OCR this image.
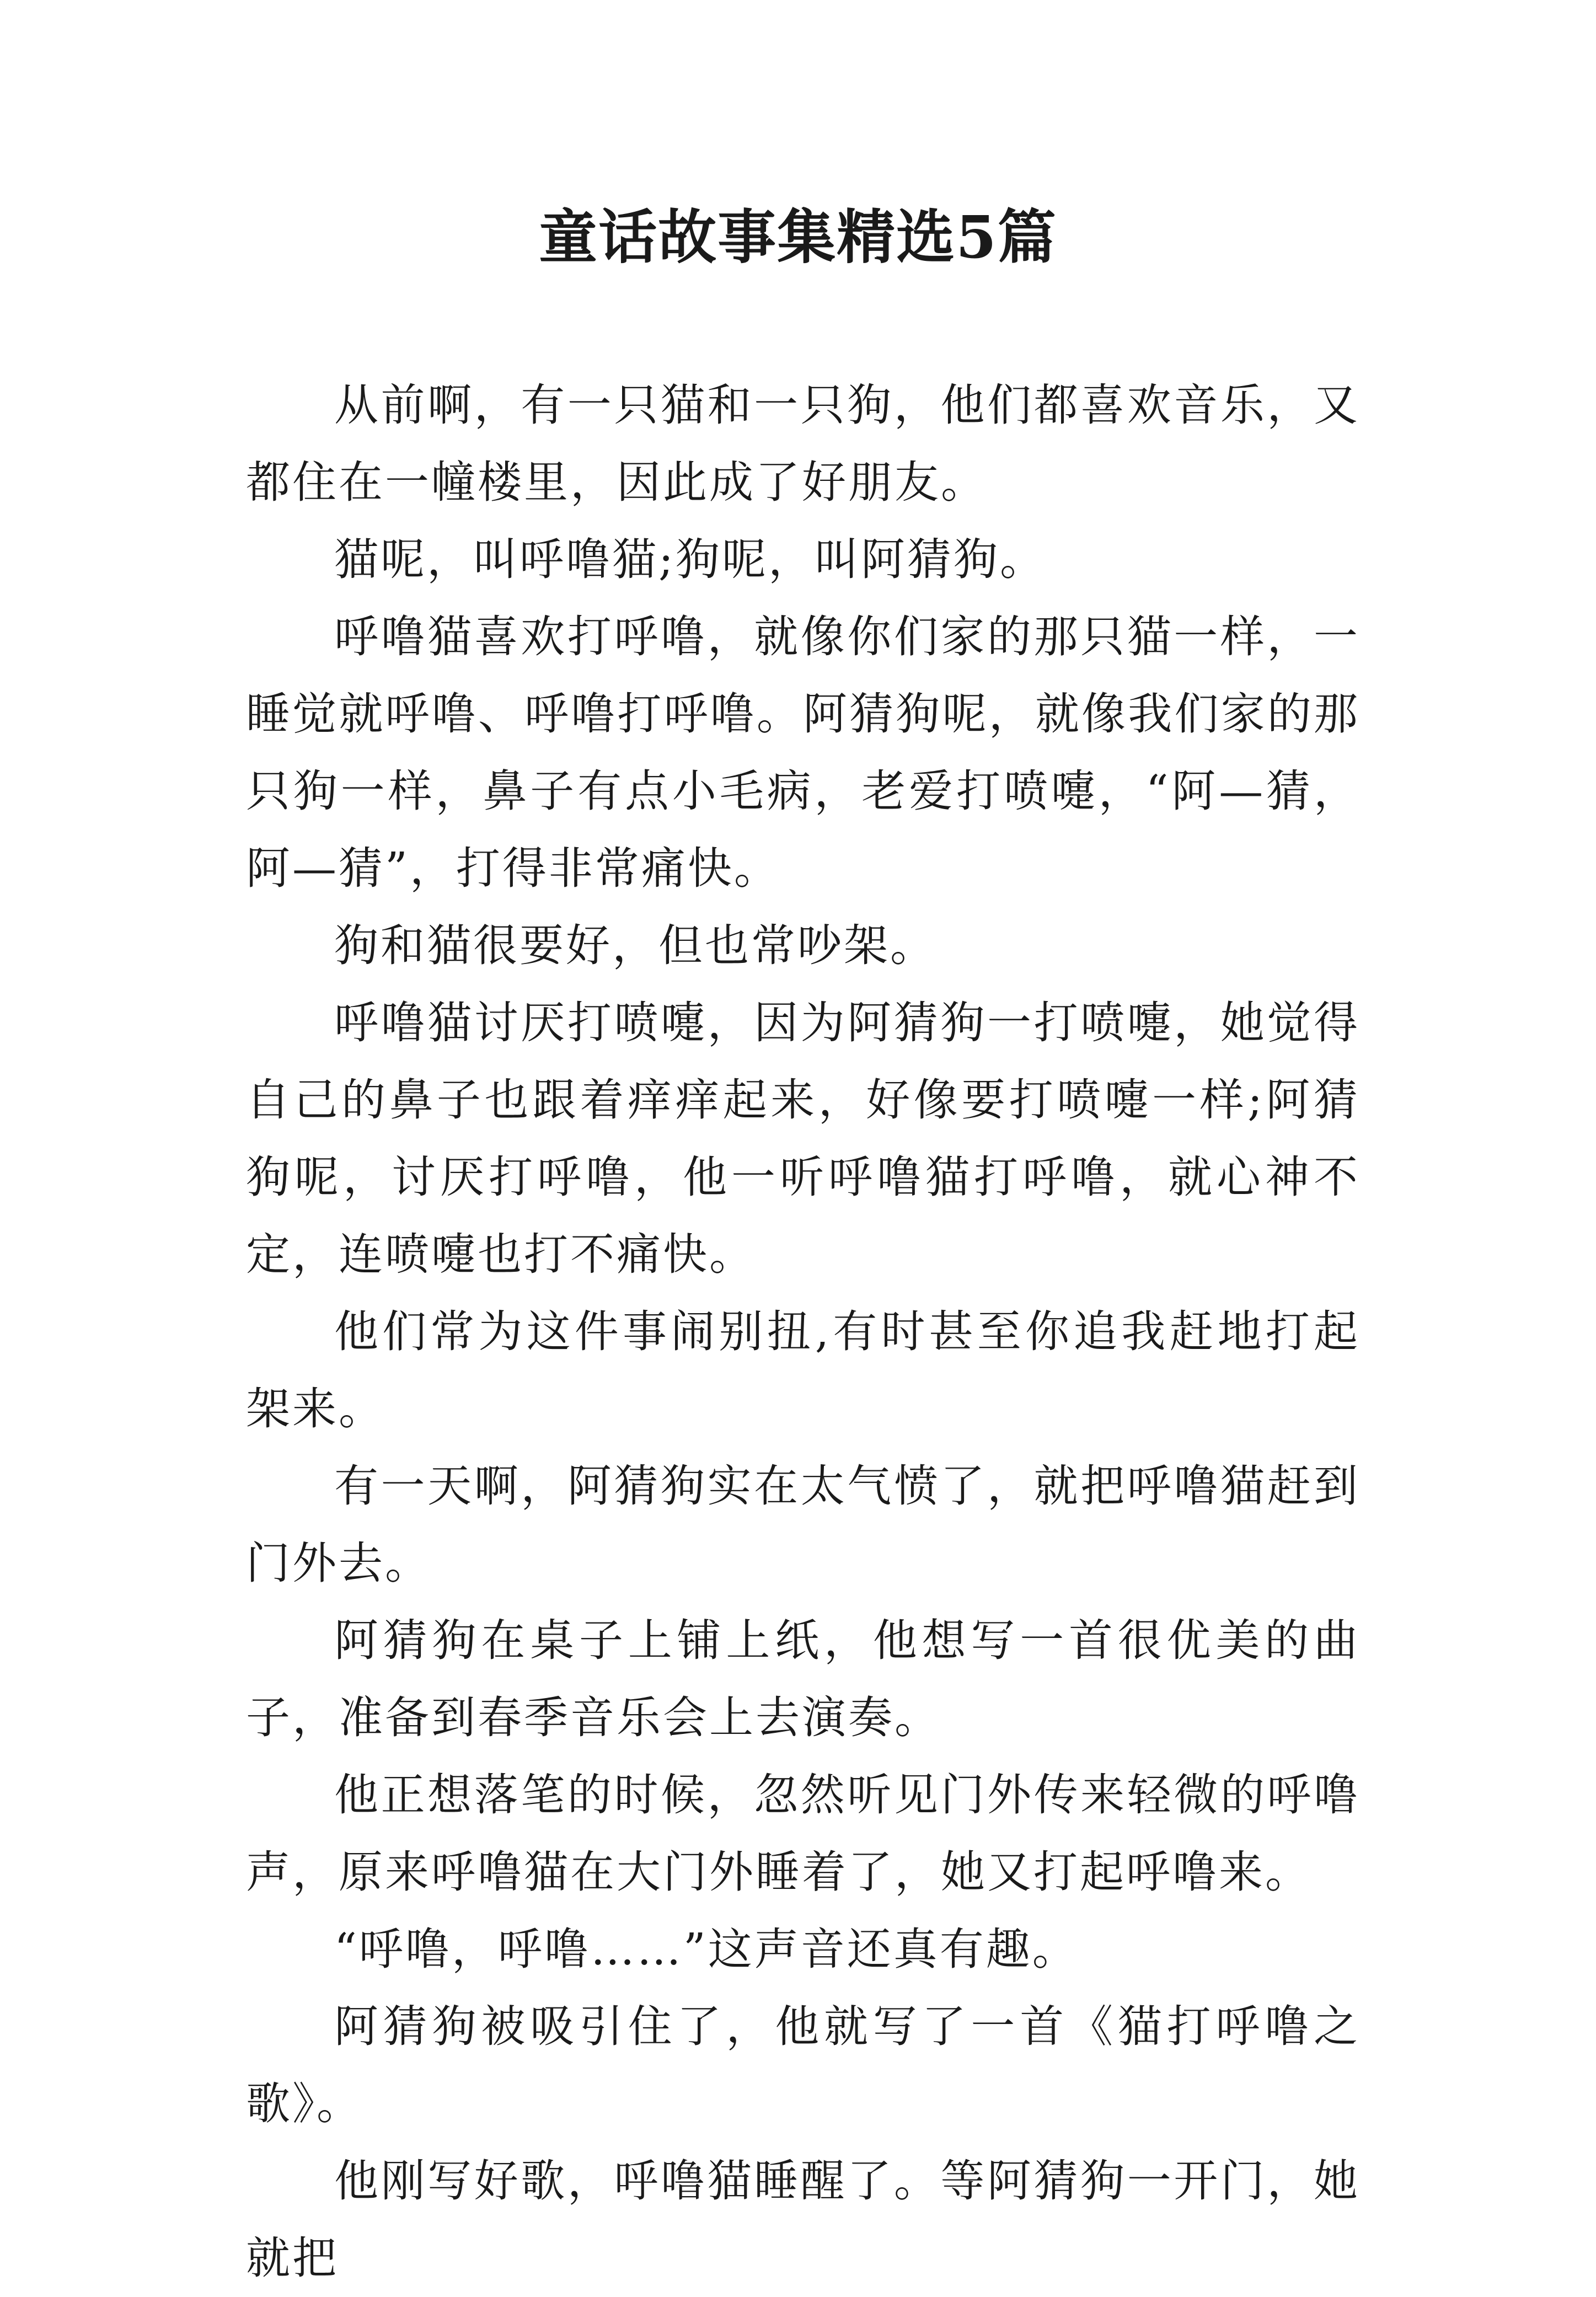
童话故事集精选5篇

从前啊，有一只猫和一只狗，他们都喜欢音乐，又都住在一幢楼里，因此成了好朋友。

猫呢，叫呼噜猫;狗呢，叫阿猜狗。

呼噜猫喜欢打呼噜，就像你们家的那只猫一样，一睡觉就呼噜、呼噜打呼噜。阿猜狗呢，就像我们家的那只狗一样，鼻子有点小毛病，老爱打喷嚏，“阿—猜，阿—猜”，打得非常痛快。

狗和猫很要好，但也常吵架。

呼噜猫讨厌打喷嚏，因为阿猜狗一打喷嚏，她觉得自己的鼻子也跟着痒痒起来，好像要打喷嚏一样;阿猜狗呢，讨厌打呼噜，他一听呼噜猫打呼噜，就心神不定，连喷嚏也打不痛快。

他们常为这件事闹别扭,有时甚至你追我赶地打起架来。

有一天啊，阿猜狗实在太气愤了，就把呼噜猫赶到门外去。

阿猜狗在桌子上铺上纸，他想写一首很优美的曲子，准备到春季音乐会上去演奏。

他正想落笔的时候，忽然听见门外传来轻微的呼噜声，原来呼噜猫在大门外睡着了，她又打起呼噜来。

“呼噜，呼噜……”这声音还真有趣。

阿猜狗被吸引住了，他就写了一首《猫打呼噜之歌》。

他刚写好歌，呼噜猫睡醒了。等阿猜狗一开门，她就把
